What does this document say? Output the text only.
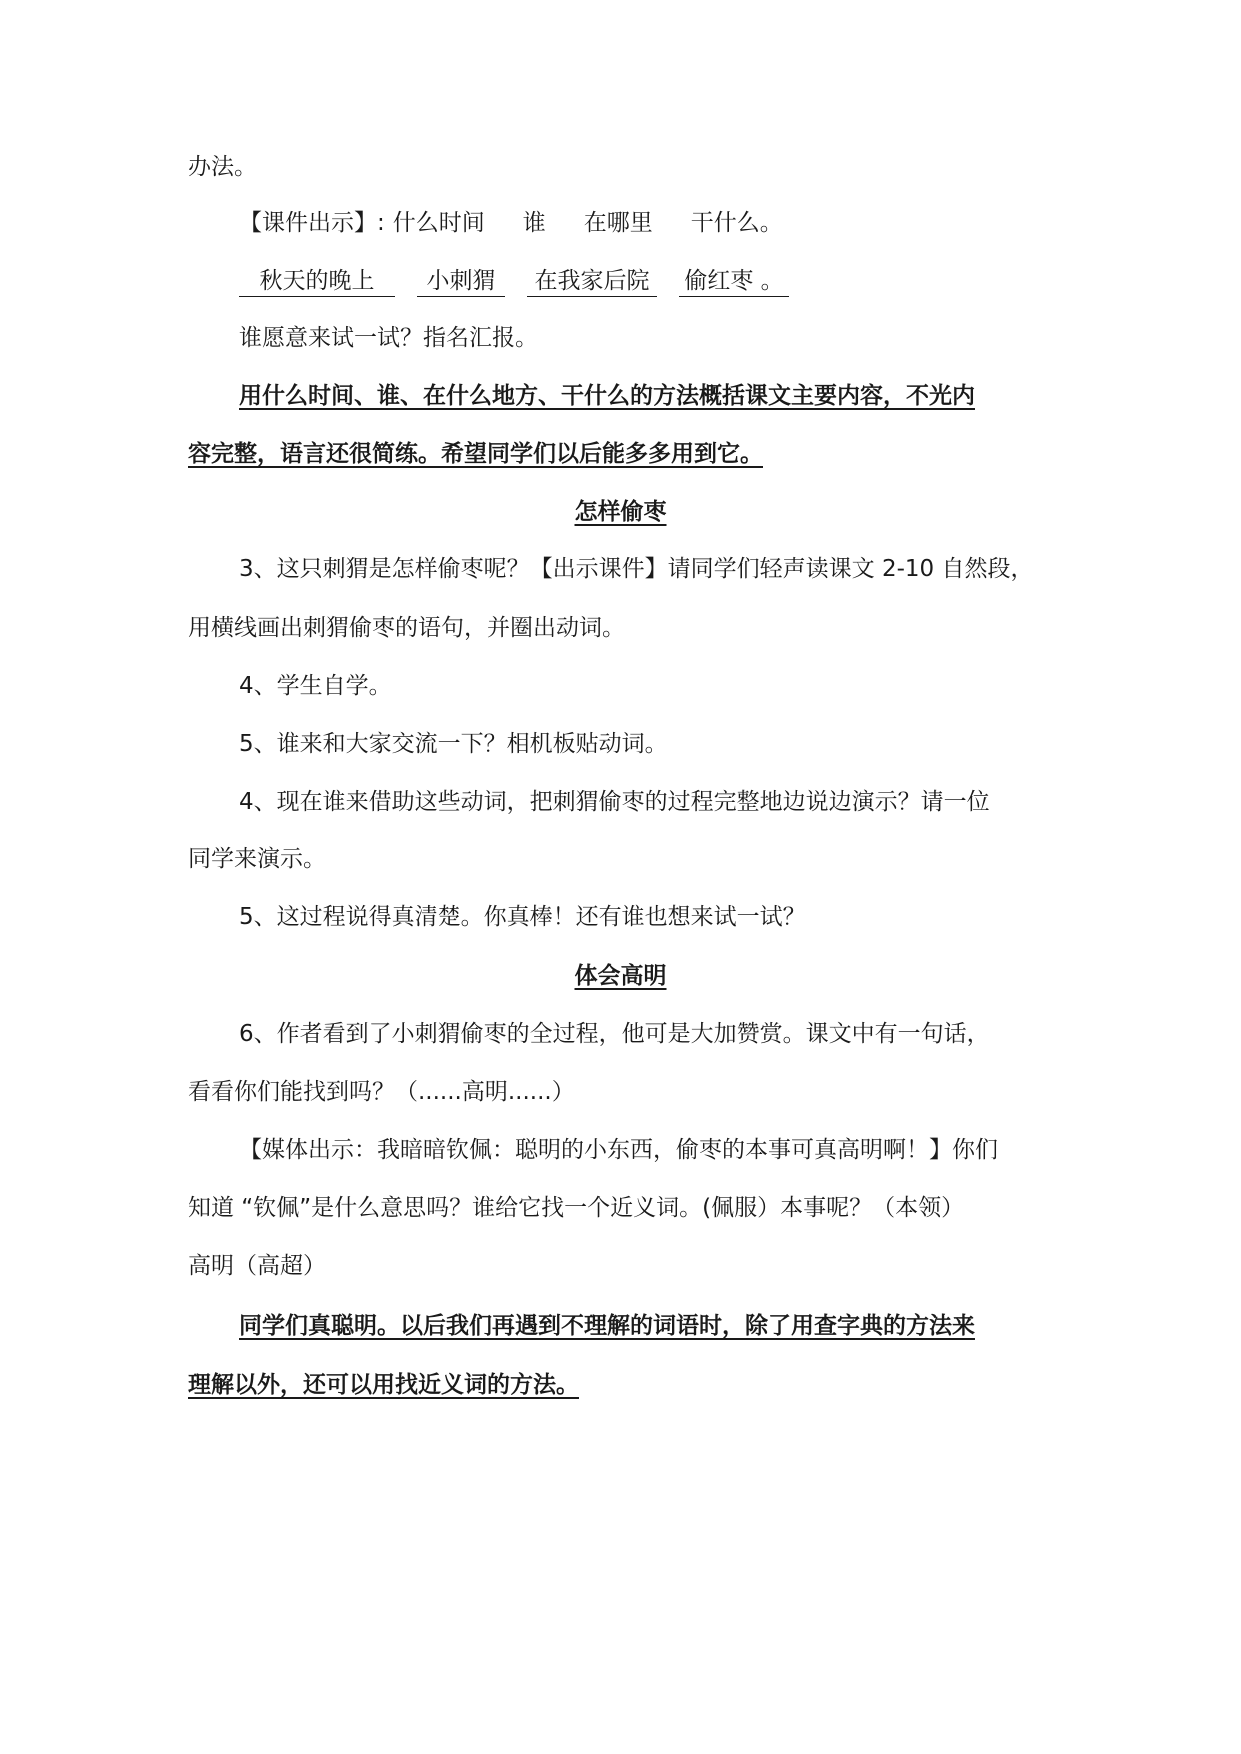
办法。
【课件出示】: 什么时间 谁 在哪里 干什么。
秋天的晚上 小刺猬 在我家后院 偷红枣 。
谁愿意来试一试？指名汇报。
用什么时间、谁、在什么地方、干什么的方法概括课文主要内容，不光内
容完整，语言还很简练。希望同学们以后能多多用到它。
怎样偷枣
3、这只刺猬是怎样偷枣呢？【出示课件】请同学们轻声读课文 2-10 自然段，
用横线画出刺猬偷枣的语句，并圈出动词。
4、学生自学。
5、谁来和大家交流一下？相机板贴动词。
4、现在谁来借助这些动词，把刺猬偷枣的过程完整地边说边演示？请一位
同学来演示。
5、这过程说得真清楚。你真棒！还有谁也想来试一试？
体会高明
6、作者看到了小刺猬偷枣的全过程，他可是大加赞赏。课文中有一句话，
看看你们能找到吗？（......高明......）
【媒体出示：我暗暗钦佩：聪明的小东西，偷枣的本事可真高明啊！】你们
知道 “钦佩”是什么意思吗？谁给它找一个近义词。(佩服）本事呢？（本领）
高明（高超）
同学们真聪明。以后我们再遇到不理解的词语时，除了用查字典的方法来
理解以外，还可以用找近义词的方法。
